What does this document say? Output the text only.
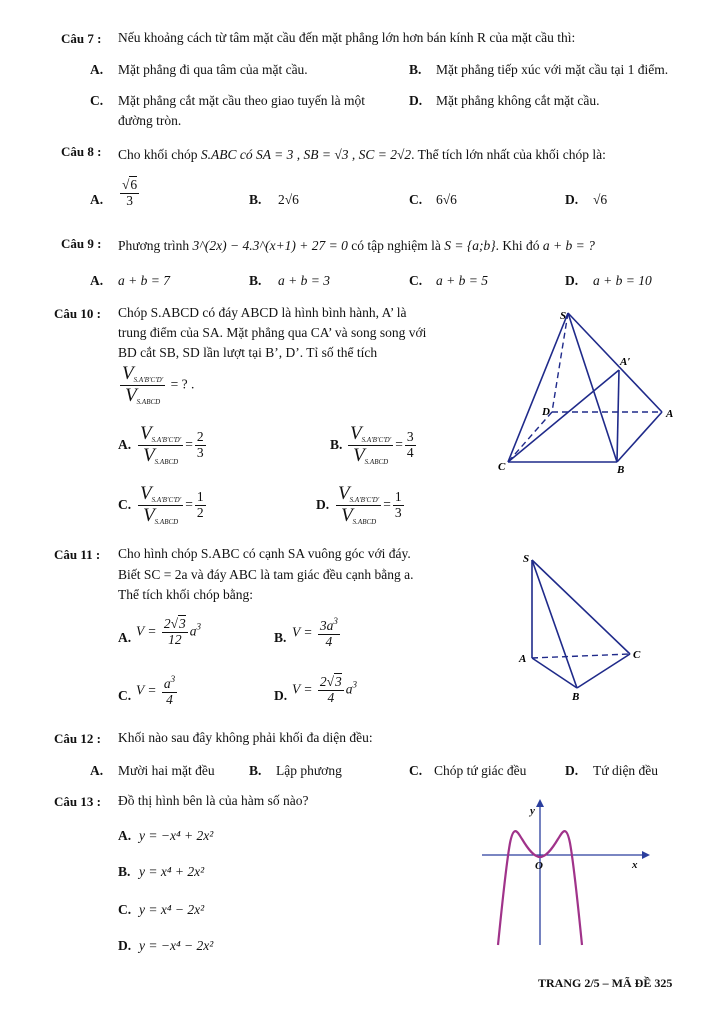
Câu 7 : Nếu khoảng cách từ tâm mặt cầu đến mặt phẳng lớn hơn bán kính R của mặt cầu thì:
A. Mặt phẳng đi qua tâm của mặt cầu.	B. Mặt phẳng tiếp xúc với mặt cầu tại 1 điểm.
C. Mặt phẳng cắt mặt cầu theo giao tuyến là một
đường tròn.
D. Mặt phẳng không cắt mặt cầu.
Câu 8 : Cho khối chóp S.ABC có SA = 3 , SB = √3 , SC = 2√2. Thể tích lớn nhất của khối chóp là:
A. $\frac{√6}{3}$	B. 2√6	C. 6√6	D. √6
Câu 9 : Phương trình 3^(2x) − 4.3^(x+1) + 27 = 0 có tập nghiệm là S = {a;b}. Khi đó a + b = ?
A. a + b = 7	B. a + b = 3	C. a + b = 5	D. a + b = 10
Câu 10 : Chóp S.ABCD có đáy ABCD là hình bình hành, A’ là
trung điểm của SA. Mặt phẳng qua CA’ và song song với
BD cắt SB, SD lần lượt tại B’, D’. Tỉ số thể tích
$\frac{V_{S.A'B'C'D'}}{V_{S.ABCD}}$ = ? .
A. $\frac{V_{S.A'B'C'D'}}{V_{S.ABCD}} = \frac{2}{3}$	B. $\frac{V_{S.A'B'C'D'}}{V_{S.ABCD}} = \frac{3}{4}$
C. $\frac{V_{S.A'B'C'D'}}{V_{S.ABCD}} = \frac{1}{2}$	D. $\frac{V_{S.A'B'C'D'}}{V_{S.ABCD}} = \frac{1}{3}$
S
A′
D	A
C	B
Câu 11 : Cho hình chóp S.ABC có cạnh SA vuông góc với đáy.
Biết SC = 2a và đáy ABC là tam giác đều cạnh bằng a.
Thể tích khối chóp bằng:
A. $V = \frac{2√3}{12} a^3$
B. $V = \frac{3a^3}{4}$
C. $V = \frac{a^3}{4}$	D. $V = \frac{2√3}{4} a^3$
S
A	C
B
Câu 12 : Khối nào sau đây không phải khối đa diện đều:
A. Mười hai mặt đều	B. Lập phương	C. Chóp tứ giác đều	D. Tứ diện đều
Câu 13 : Đồ thị hình bên là của hàm số nào?
A. y = −x⁴ + 2x²
B. y = x⁴ + 2x²
C. y = x⁴ − 2x²
D. y = −x⁴ − 2x²
y
x
O
TRANG 2/5 – MÃ ĐỀ 325
